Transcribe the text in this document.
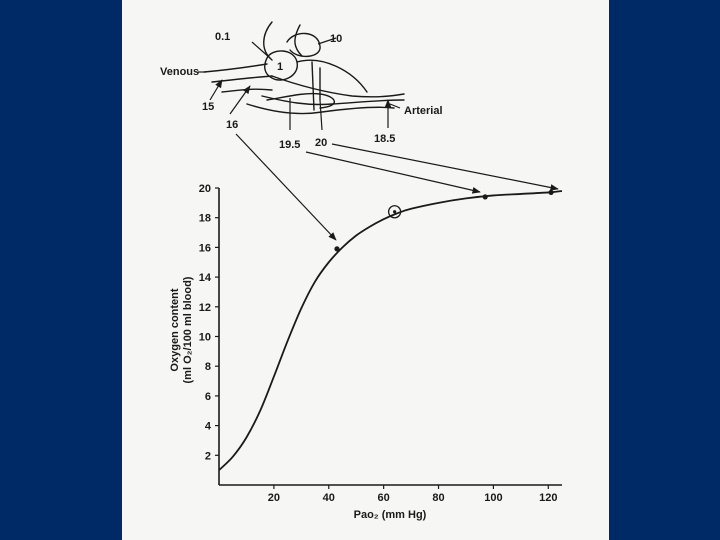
0.1	10
1
Venous
15
16
Arterial
19.5 20	18.5
2
4
6
8
10
12
14
16
18
20
20	40	60	80	100	120
Pao₂ (mm Hg)
Oxygen content (ml O₂/100 ml blood)
